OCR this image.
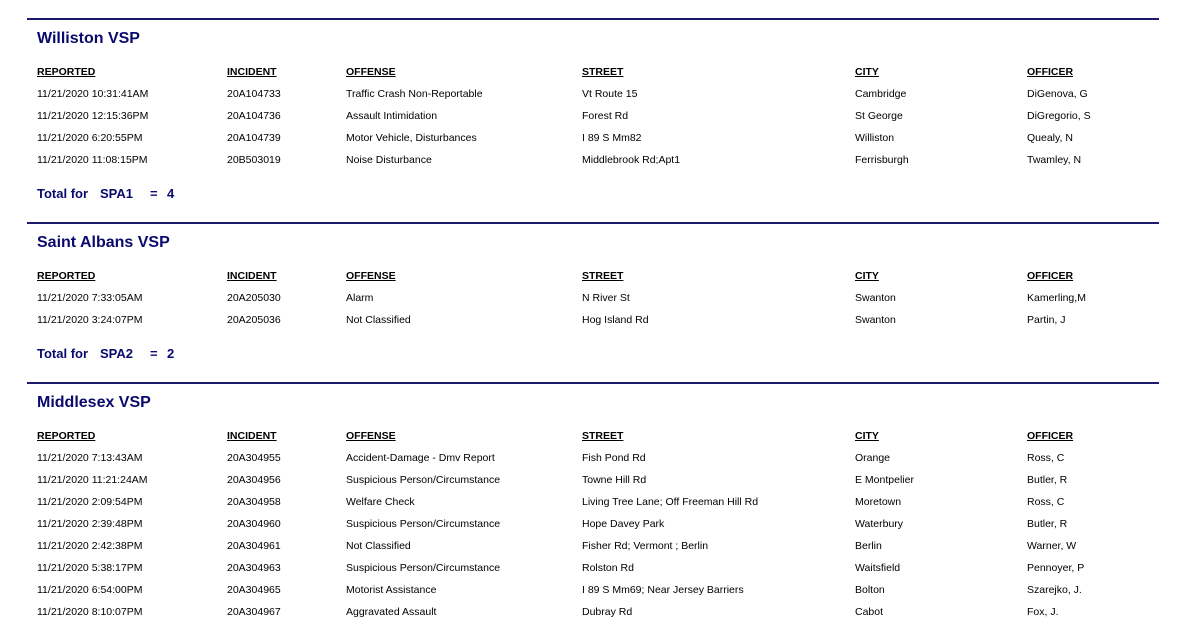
Williston VSP
REPORTED	INCIDENT	OFFENSE	STREET	CITY	OFFICER
11/21/2020 10:31:41AM	20A104733	Traffic Crash Non-Reportable	Vt Route 15	Cambridge	DiGenova, G
11/21/2020 12:15:36PM	20A104736	Assault Intimidation	Forest Rd	St George	DiGregorio, S
11/21/2020 6:20:55PM	20A104739	Motor Vehicle, Disturbances	I 89 S Mm82	Williston	Quealy, N
11/21/2020 11:08:15PM	20B503019	Noise Disturbance	Middlebrook Rd;Apt1	Ferrisburgh	Twamley, N
Total for SPA1 = 4
Saint Albans VSP
REPORTED	INCIDENT	OFFENSE	STREET	CITY	OFFICER
11/21/2020 7:33:05AM	20A205030	Alarm	N River St	Swanton	Kamerling,M
11/21/2020 3:24:07PM	20A205036	Not Classified	Hog Island Rd	Swanton	Partin, J
Total for SPA2 = 2
Middlesex VSP
REPORTED	INCIDENT	OFFENSE	STREET	CITY	OFFICER
11/21/2020 7:13:43AM	20A304955	Accident-Damage - Dmv Report	Fish Pond Rd	Orange	Ross, C
11/21/2020 11:21:24AM	20A304956	Suspicious Person/Circumstance	Towne Hill Rd	E Montpelier	Butler, R
11/21/2020 2:09:54PM	20A304958	Welfare Check	Living Tree Lane; Off Freeman Hill Rd	Moretown	Ross, C
11/21/2020 2:39:48PM	20A304960	Suspicious Person/Circumstance	Hope Davey Park	Waterbury	Butler, R
11/21/2020 2:42:38PM	20A304961	Not Classified	Fisher Rd; Vermont ; Berlin	Berlin	Warner, W
11/21/2020 5:38:17PM	20A304963	Suspicious Person/Circumstance	Rolston Rd	Waitsfield	Pennoyer, P
11/21/2020 6:54:00PM	20A304965	Motorist Assistance	I 89 S Mm69; Near Jersey Barriers	Bolton	Szarejko, J.
11/21/2020 8:10:07PM	20A304967	Aggravated Assault	Dubray Rd	Cabot	Fox, J.
